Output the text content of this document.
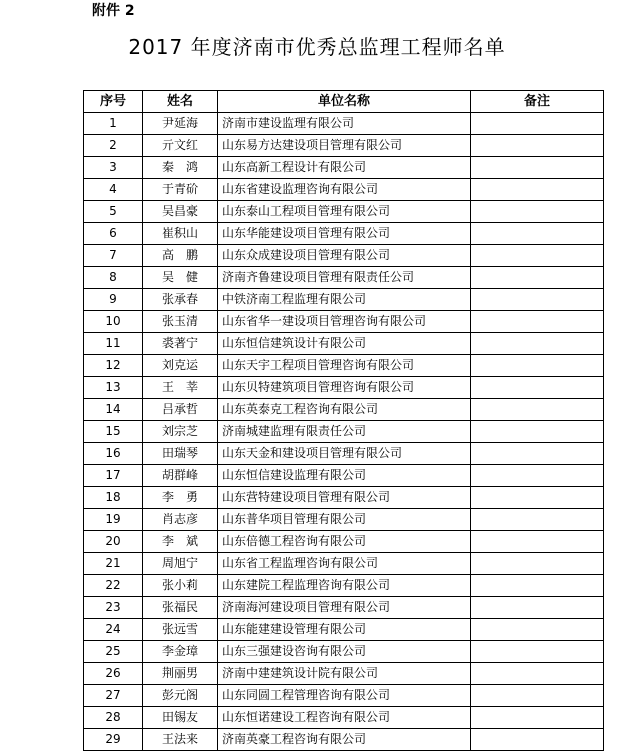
附件 2
2017 年度济南市优秀总监理工程师名单
序号	姓名	单位名称	备注
1	尹延海	济南市建设监理有限公司	
2	亓文红	山东易方达建设项目管理有限公司	
3	秦　鸿	山东高新工程设计有限公司	
4	于青砎	山东省建设监理咨询有限公司	
5	吴昌豪	山东泰山工程项目管理有限公司	
6	崔积山	山东华能建设项目管理有限公司	
7	高　鹏	山东众成建设项目管理有限公司	
8	吴　健	济南齐鲁建设项目管理有限责任公司	
9	张承春	中铁济南工程监理有限公司	
10	张玉清	山东省华一建设项目管理咨询有限公司	
11	裘著宁	山东恒信建筑设计有限公司	
12	刘克运	山东天宇工程项目管理咨询有限公司	
13	王　莘	山东贝特建筑项目管理咨询有限公司	
14	吕承哲	山东英泰克工程咨询有限公司	
15	刘宗芝	济南城建监理有限责任公司	
16	田瑞琴	山东天金和建设项目管理有限公司	
17	胡群峰	山东恒信建设监理有限公司	
18	李　勇	山东营特建设项目管理有限公司	
19	肖志彦	山东普华项目管理有限公司	
20	李　斌	山东倍德工程咨询有限公司	
21	周旭宁	山东省工程监理咨询有限公司	
22	张小莉	山东建院工程监理咨询有限公司	
23	张福民	济南海河建设项目管理有限公司	
24	张远雪	山东能建建设管理有限公司	
25	李金璋	山东三强建设咨询有限公司	
26	荆丽男	济南中建建筑设计院有限公司	
27	彭元阁	山东同圆工程管理咨询有限公司	
28	田锡友	山东恒诺建设工程咨询有限公司	
29	王法来	济南英豪工程咨询有限公司	
